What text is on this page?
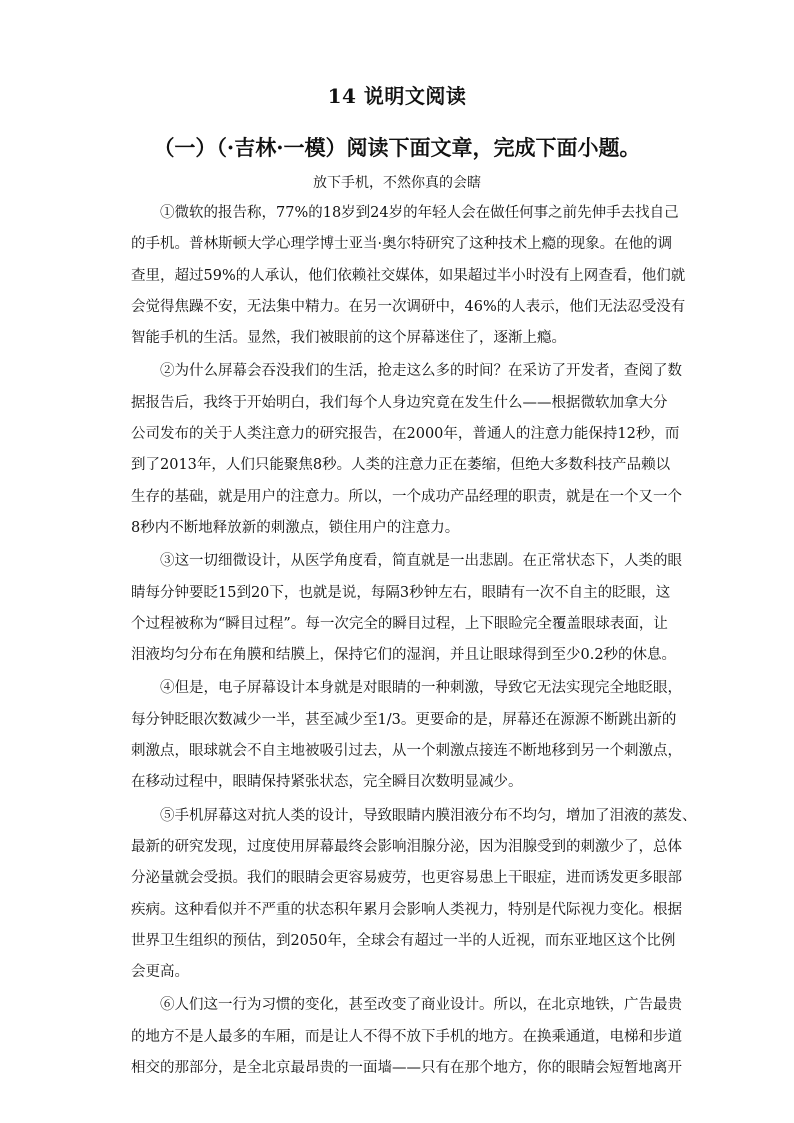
14 说明文阅读
（一）（·吉林·一模）阅读下面文章，完成下面小题。
放下手机，不然你真的会瞎

①微软的报告称，77%的18岁到24岁的年轻人会在做任何事之前先伸手去找自己
的手机。普林斯顿大学心理学博士亚当·奥尔特研究了这种技术上瘾的现象。在他的调
查里，超过59%的人承认，他们依赖社交媒体，如果超过半小时没有上网查看，他们就
会觉得焦躁不安，无法集中精力。在另一次调研中，46%的人表示，他们无法忍受没有
智能手机的生活。显然，我们被眼前的这个屏幕迷住了，逐渐上瘾。

②为什么屏幕会吞没我们的生活，抢走这么多的时间？在采访了开发者，查阅了数
据报告后，我终于开始明白，我们每个人身边究竟在发生什么——根据微软加拿大分
公司发布的关于人类注意力的研究报告，在2000年，普通人的注意力能保持12秒，而
到了2013年，人们只能聚焦8秒。人类的注意力正在萎缩，但绝大多数科技产品赖以
生存的基础，就是用户的注意力。所以，一个成功产品经理的职责，就是在一个又一个
8秒内不断地释放新的刺激点，锁住用户的注意力。

③这一切细微设计，从医学角度看，简直就是一出悲剧。在正常状态下，人类的眼
睛每分钟要眨15到20下，也就是说，每隔3秒钟左右，眼睛有一次不自主的眨眼，这
个过程被称为“瞬目过程”。每一次完全的瞬目过程，上下眼睑完全覆盖眼球表面，让
泪液均匀分布在角膜和结膜上，保持它们的湿润，并且让眼球得到至少0.2秒的休息。

④但是，电子屏幕设计本身就是对眼睛的一种刺激，导致它无法实现完全地眨眼，
每分钟眨眼次数减少一半，甚至减少至1/3。更要命的是，屏幕还在源源不断跳出新的
刺激点，眼球就会不自主地被吸引过去，从一个刺激点接连不断地移到另一个刺激点，
在移动过程中，眼睛保持紧张状态，完全瞬目次数明显减少。

⑤手机屏幕这对抗人类的设计，导致眼睛内膜泪液分布不均匀，增加了泪液的蒸发、
最新的研究发现，过度使用屏幕最终会影响泪腺分泌，因为泪腺受到的刺激少了，总体
分泌量就会受损。我们的眼睛会更容易疲劳，也更容易患上干眼症，进而诱发更多眼部
疾病。这种看似并不严重的状态积年累月会影响人类视力，特别是代际视力变化。根据
世界卫生组织的预估，到2050年，全球会有超过一半的人近视，而东亚地区这个比例
会更高。

⑥人们这一行为习惯的变化，甚至改变了商业设计。所以，在北京地铁，广告最贵
的地方不是人最多的车厢，而是让人不得不放下手机的地方。在换乘通道，电梯和步道
相交的那部分，是全北京最昂贵的一面墙——只有在那个地方，你的眼睛会短暂地离开
